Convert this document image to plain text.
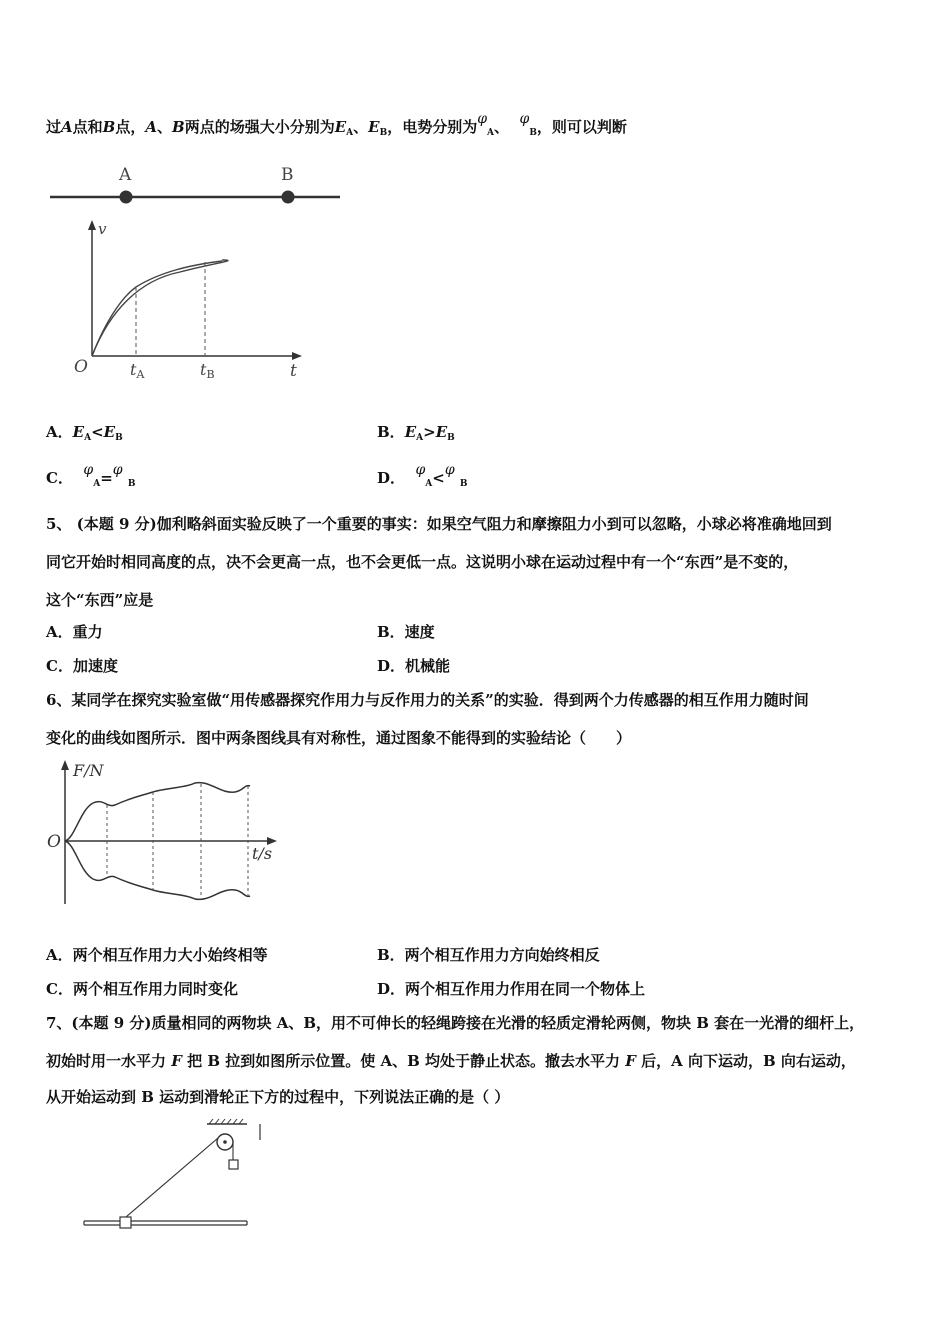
过A点和B点，A、B两点的场强大小分别为$E_A$、$E_B$，电势分别为$\varphi_A$、 $\varphi_B$，则可以判断
A	B
v
O	tA	tB	t
A．$E_A<E_B$	B．$E_A>E_B$
C． $\varphi_A=\varphi$ $_B$	D． $\varphi_A<\varphi$ $_B$
5、 (本题 9 分)伽利略斜面实验反映了一个重要的事实：如果空气阻力和摩擦阻力小到可以忽略，小球必将准确地回到
同它开始时相同高度的点，决不会更高一点，也不会更低一点。这说明小球在运动过程中有一个“东西”是不变的，
这个“东西”应是
A．重力	B．速度
C．加速度	D．机械能
6、某同学在探究实验室做“用传感器探究作用力与反作用力的关系”的实验．得到两个力传感器的相互作用力随时间
变化的曲线如图所示．图中两条图线具有对称性，通过图象不能得到的实验结论（　　）
F/N
O
t/s
A．两个相互作用力大小始终相等	B．两个相互作用力方向始终相反
C．两个相互作用力同时变化	D．两个相互作用力作用在同一个物体上
7、(本题 9 分)质量相同的两物块 A、B，用不可伸长的轻绳跨接在光滑的轻质定滑轮两侧，物块 B 套在一光滑的细杆上，
初始时用一水平力 F 把 B 拉到如图所示位置。使 A、B 均处于静止状态。撤去水平力 F 后，A 向下运动，B 向右运动，
从开始运动到 B 运动到滑轮正下方的过程中，下列说法正确的是（ ）
